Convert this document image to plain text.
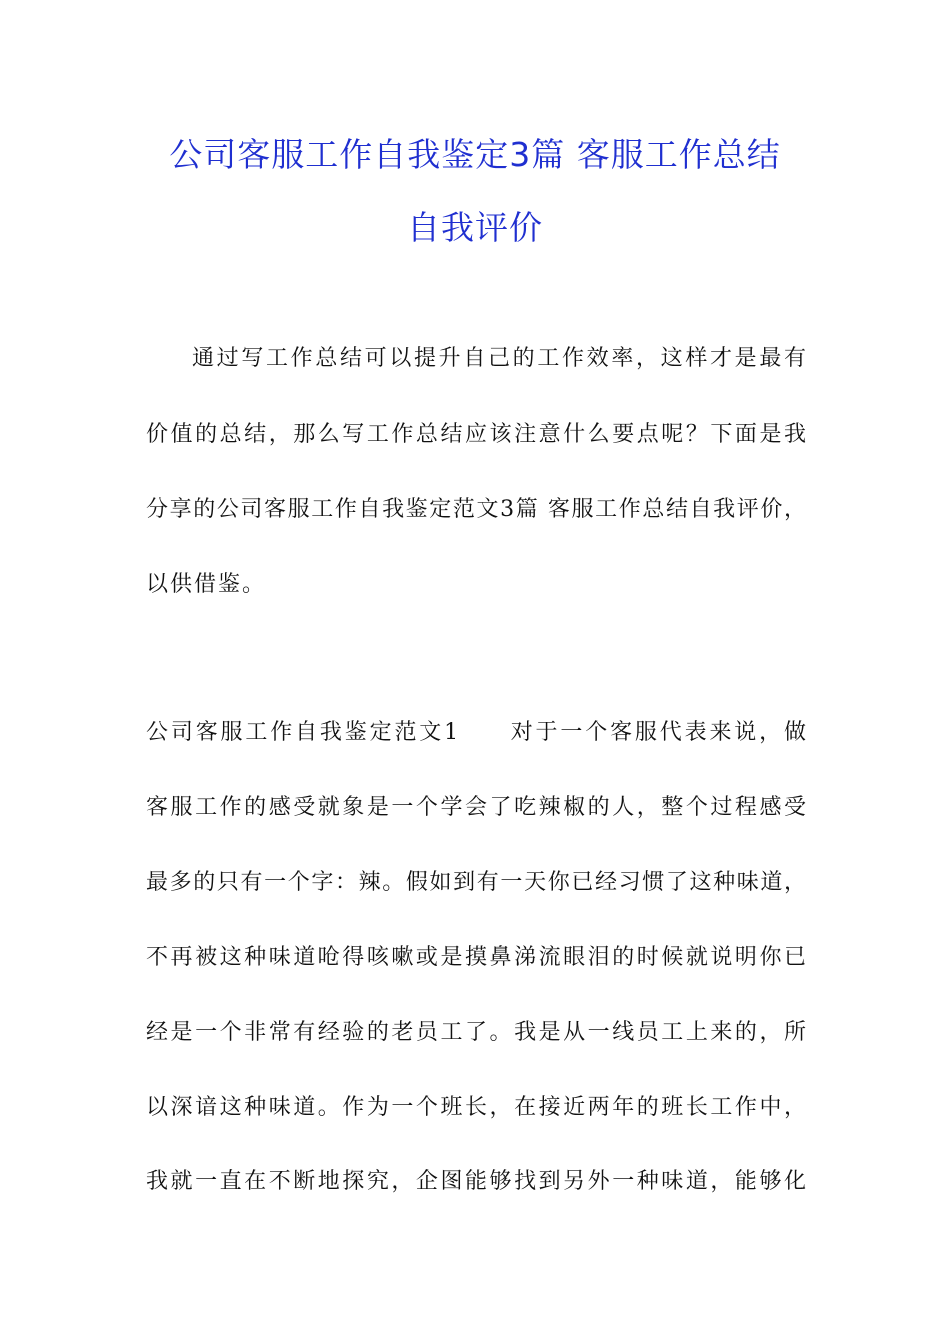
公司客服工作自我鉴定3篇 客服工作总结
自我评价
通过写工作总结可以提升自己的工作效率，这样才是最有
价值的总结，那么写工作总结应该注意什么要点呢？下面是我
分享的公司客服工作自我鉴定范文3篇 客服工作总结自我评价，
以供借鉴。
公司客服工作自我鉴定范文1　　对于一个客服代表来说，做
客服工作的感受就象是一个学会了吃辣椒的人，整个过程感受
最多的只有一个字：辣。假如到有一天你已经习惯了这种味道，
不再被这种味道呛得咳嗽或是摸鼻涕流眼泪的时候就说明你已
经是一个非常有经验的老员工了。我是从一线员工上来的，所
以深谙这种味道。作为一个班长，在接近两年的班长工作中，
我就一直在不断地探究，企图能够找到另外一种味道，能够化
